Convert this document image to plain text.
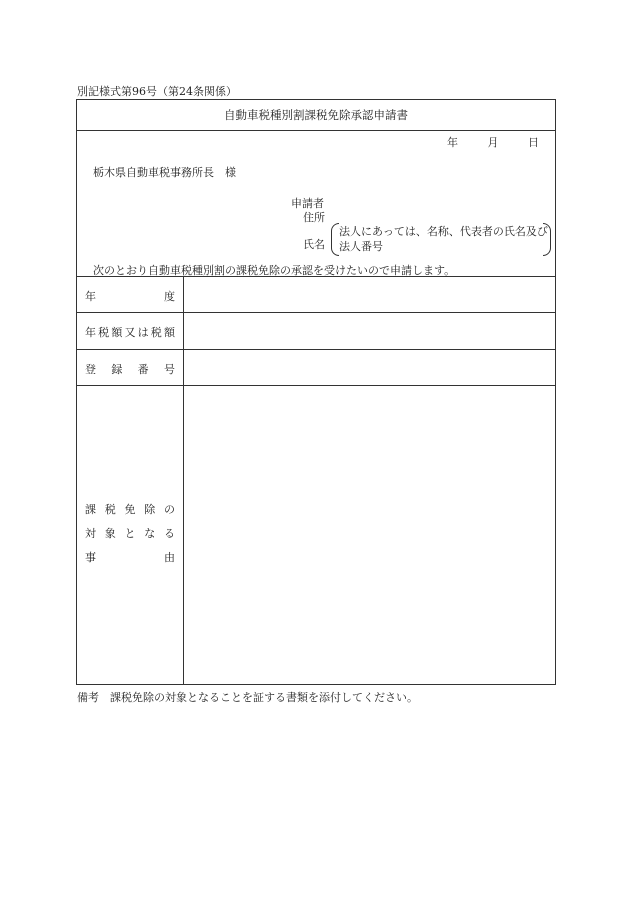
別記様式第96号（第24条関係）
自動車税種別割課税免除承認申請書
年	月	日
栃木県自動車税事務所長　様
申請者
住所
氏名
法人にあっては、名称、代表者の氏名及び法人番号
次のとおり自動車税種別割の課税免除の承認を受けたいので申請します。
年	度
年 税 額 又 は 税 額
登 録 番 号
課 税 免 除 の
対 象 と な る
事	由
備考　課税免除の対象となることを証する書類を添付してください。
